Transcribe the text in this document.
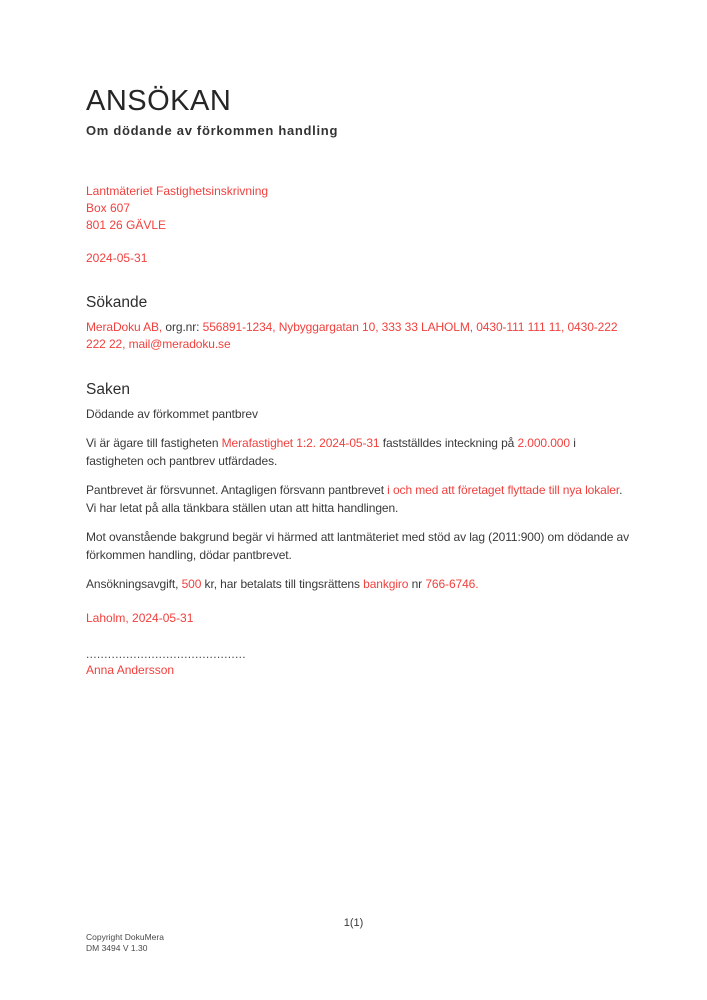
ANSÖKAN
Om dödande av förkommen handling
Lantmäteriet Fastighetsinskrivning
Box 607
801 26 GÄVLE
2024-05-31
Sökande

MeraDoku AB, org.nr: 556891-1234, Nybyggargatan 10, 333 33 LAHOLM, 0430-111 111 11, 0430-222 222 22, mail@meradoku.se

Saken

Dödande av förkommet pantbrev

Vi är ägare till fastigheten Merafastighet 1:2. 2024-05-31 fastställdes inteckning på 2.000.000 i fastigheten och pantbrev utfärdades.

Pantbrevet är försvunnet. Antagligen försvann pantbrevet i och med att företaget flyttade till nya lokaler. Vi har letat på alla tänkbara ställen utan att hitta handlingen.

Mot ovanstående bakgrund begär vi härmed att lantmäteriet med stöd av lag (2011:900) om dödande av förkommen handling, dödar pantbrevet.

Ansökningsavgift, 500 kr, har betalats till tingsrättens bankgiro nr 766-6746.

Laholm, 2024-05-31
............................................
Anna Andersson
1(1)
Copyright DokuMera
DM 3494 V 1.30
